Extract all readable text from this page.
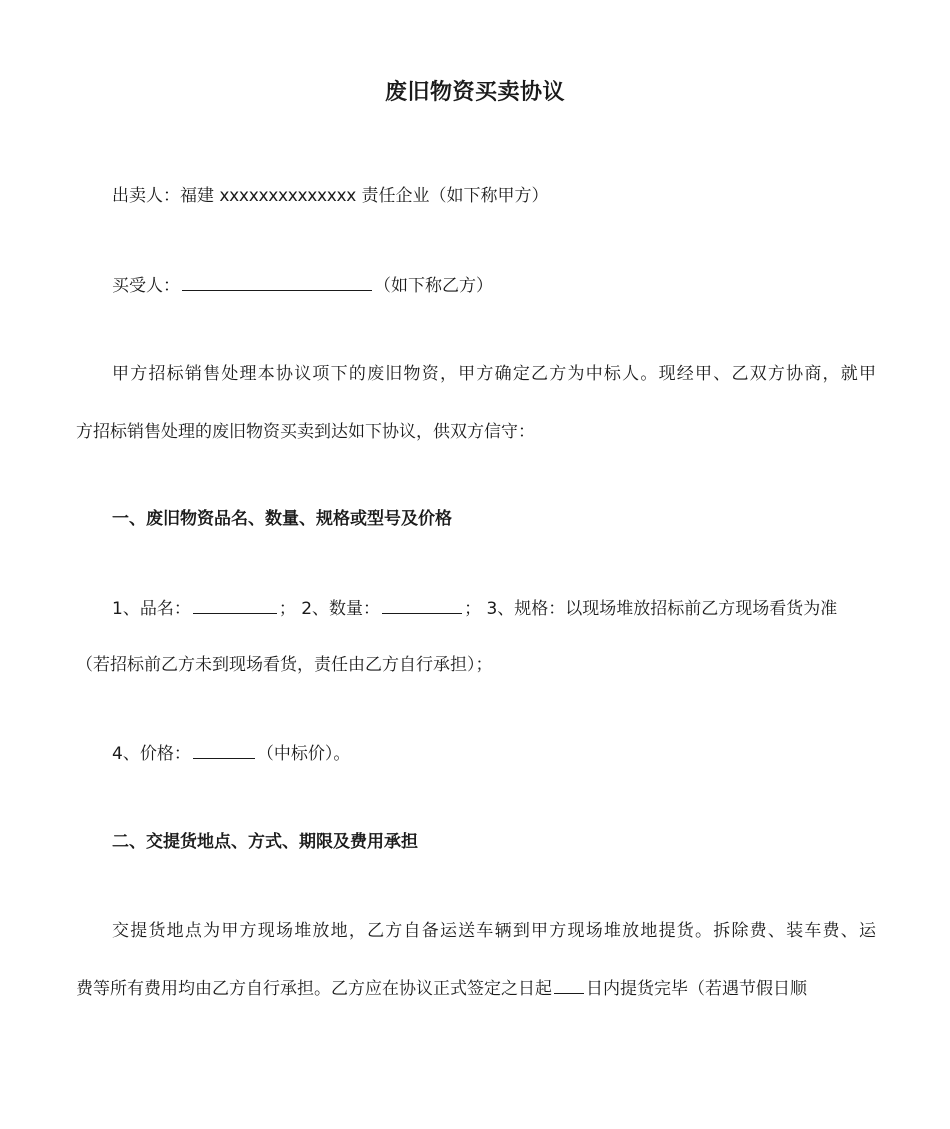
废旧物资买卖协议
出卖人：福建 xxxxxxxxxxxxxx 责任企业（如下称甲方）
买受人：	（如下称乙方）
甲方招标销售处理本协议项下的废旧物资，甲方确定乙方为中标人。现经甲、乙双方协商，就甲
方招标销售处理的废旧物资买卖到达如下协议，供双方信守：
一、废旧物资品名、数量、规格或型号及价格
1、品名：	； 2、数量：	； 3、规格：以现场堆放招标前乙方现场看货为准
（若招标前乙方未到现场看货，责任由乙方自行承担）；
4、价格：	（中标价）。
二、交提货地点、方式、期限及费用承担
交提货地点为甲方现场堆放地，乙方自备运送车辆到甲方现场堆放地提货。拆除费、装车费、运
费等所有费用均由乙方自行承担。乙方应在协议正式签定之日起 日内提货完毕（若遇节假日顺
